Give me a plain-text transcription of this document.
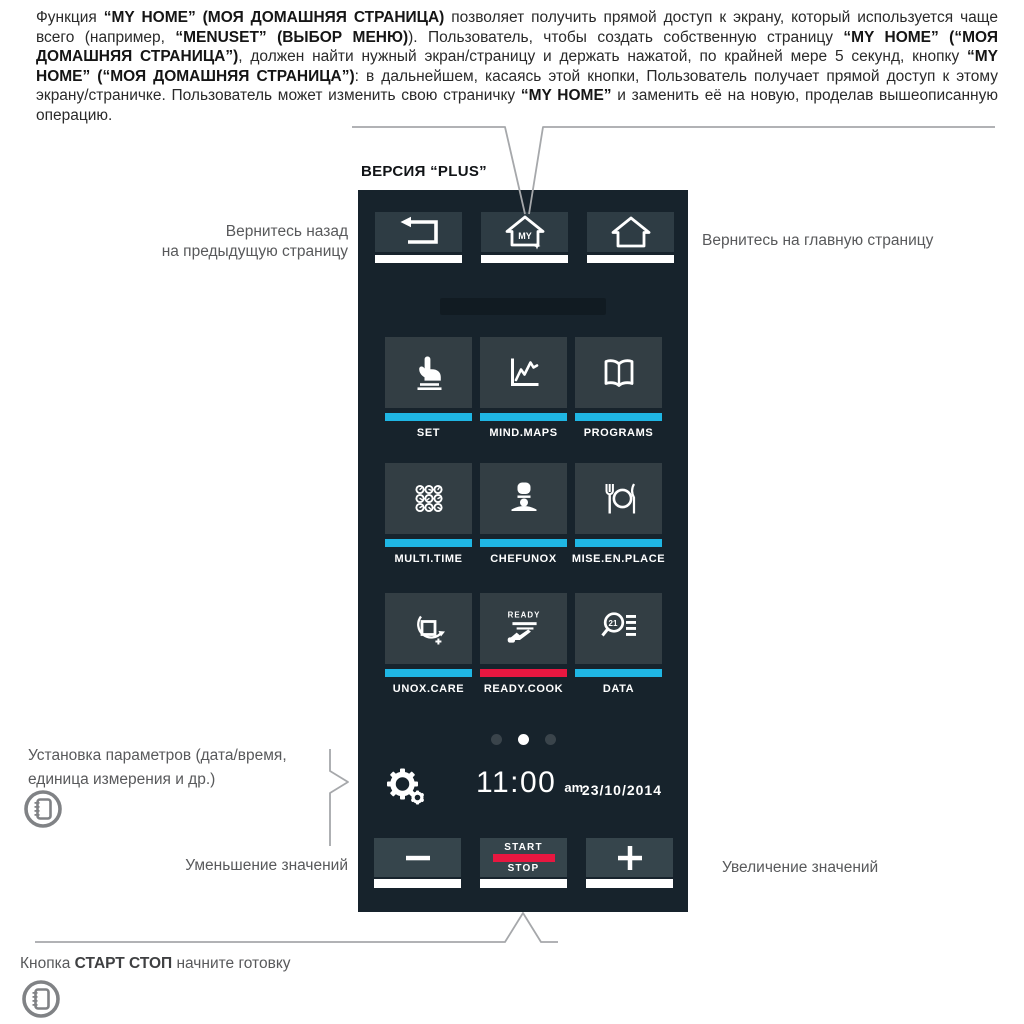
Функция “MY HOME” (МОЯ ДОМАШНЯЯ СТРАНИЦА) позволяет получить прямой доступ к экрану, который используется чаще всего (например, “MENUSET” (ВЫБОР МЕНЮ)). Пользователь, чтобы создать собственную страницу “MY HOME” (“МОЯ ДОМАШНЯЯ СТРАНИЦА”), должен найти нужный экран/страницу и держать нажатой, по крайней мере 5 секунд, кнопку “MY HOME” (“МОЯ ДОМАШНЯЯ СТРАНИЦА”): в дальнейшем, касаясь этой кнопки, Пользователь получает прямой доступ к этому экрану/страничке. Пользователь может изменить свою страничку “MY HOME” и заменить её на новую, проделав вышеописанную операцию.

ВЕРСИЯ “PLUS”
MY
SET	MIND.MAPS	PROGRAMS
MULTI.TIME	CHEFUNOX	MISE.EN.PLACE
UNOX.CARE
READY
READY.COOK
21
DATA
11:00 am
23/10/2014
START
STOP
Вернитесь назад
на предыдущую страницу
Вернитесь на главную страницу
Установка параметров (дата/время,
единица измерения и др.)
Уменьшение значений	Увеличение значений
Кнопка СТАРТ СТОП начните готовку
